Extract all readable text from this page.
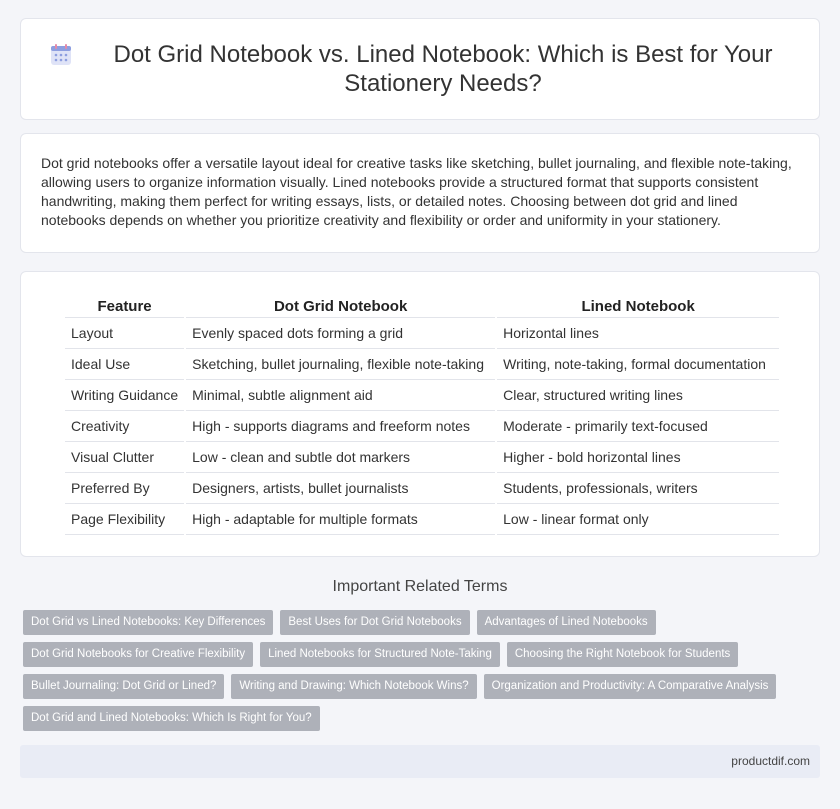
Dot Grid Notebook vs. Lined Notebook: Which is Best for Your Stationery Needs?

Dot grid notebooks offer a versatile layout ideal for creative tasks like sketching, bullet journaling, and flexible note-taking, allowing users to organize information visually. Lined notebooks provide a structured format that supports consistent handwriting, making them perfect for writing essays, lists, or detailed notes. Choosing between dot grid and lined notebooks depends on whether you prioritize creativity and flexibility or order and uniformity in your stationery.

Feature	Dot Grid Notebook	Lined Notebook
Layout	Evenly spaced dots forming a grid	Horizontal lines
Ideal Use	Sketching, bullet journaling, flexible note-taking	Writing, note-taking, formal documentation
Writing Guidance	Minimal, subtle alignment aid	Clear, structured writing lines
Creativity	High - supports diagrams and freeform notes	Moderate - primarily text-focused
Visual Clutter	Low - clean and subtle dot markers	Higher - bold horizontal lines
Preferred By	Designers, artists, bullet journalists	Students, professionals, writers
Page Flexibility	High - adaptable for multiple formats	Low - linear format only
Important Related Terms
Dot Grid vs Lined Notebooks: Key Differences	Best Uses for Dot Grid Notebooks	Advantages of Lined Notebooks
Dot Grid Notebooks for Creative Flexibility	Lined Notebooks for Structured Note-Taking	Choosing the Right Notebook for Students
Bullet Journaling: Dot Grid or Lined?	Writing and Drawing: Which Notebook Wins?	Organization and Productivity: A Comparative Analysis
Dot Grid and Lined Notebooks: Which Is Right for You?
productdif.com
